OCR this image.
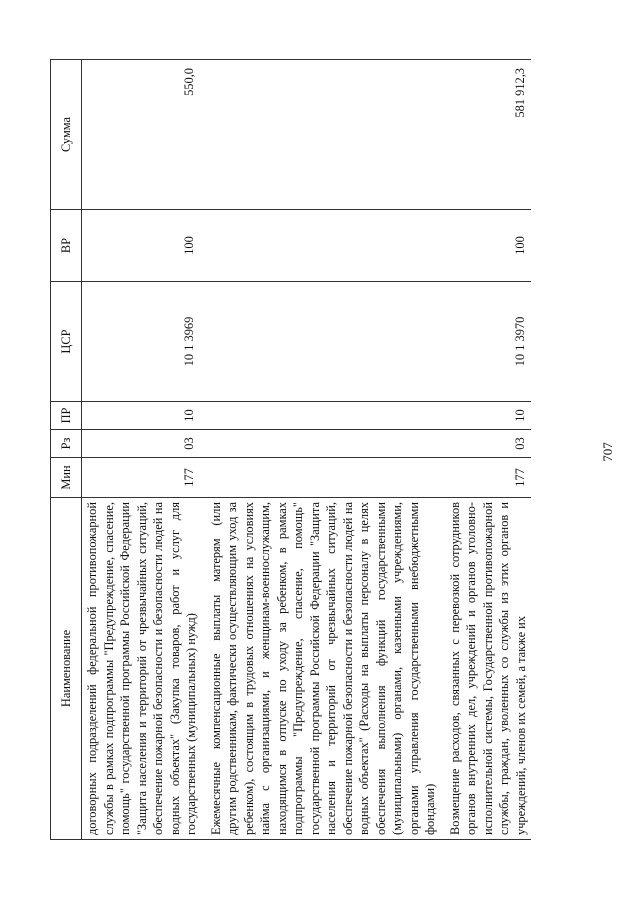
707
Наименование	Мин	Рз	ПР	ЦСР	ВР	Сумма
договорных подразделений федеральной противопожарной службы в рамках подпрограммы "Предупреждение, спасение, помощь" государственной программы Российской Федерации "Защита населения и территорий от чрезвычайных ситуаций, обеспечение пожарной безопасности и безопасности людей на водных объектах" (Закупка товаров, работ и услуг для государственных (муниципальных) нужд)	177	03	10	10 1 3969	100	550,0
Ежемесячные компенсационные выплаты матерям (или другим родственникам, фактически осуществляющим уход за ребенком), состоящим в трудовых отношениях на условиях найма с организациями, и женщинам-военнослужащим, находящимся в отпуске по уходу за ребенком, в рамках подпрограммы "Предупреждение, спасение, помощь" государственной программы Российской Федерации "Защита населения и территорий от чрезвычайных ситуаций, обеспечение пожарной безопасности и безопасности людей на водных объектах" (Расходы на выплаты персоналу в целях обеспечения выполнения функций государственными (муниципальными) органами, казенными учреждениями, органами управления государственными внебюджетными фондами)						

Возмещение расходов, связанных с перевозкой сотрудников органов внутренних дел, учреждений и органов уголовно-исполнительной системы, Государственной противопожарной службы, граждан, уволенных со службы из этих органов и учреждений, членов их семей, а также их	177	03	10	10 1 3970	100	581 912,3
